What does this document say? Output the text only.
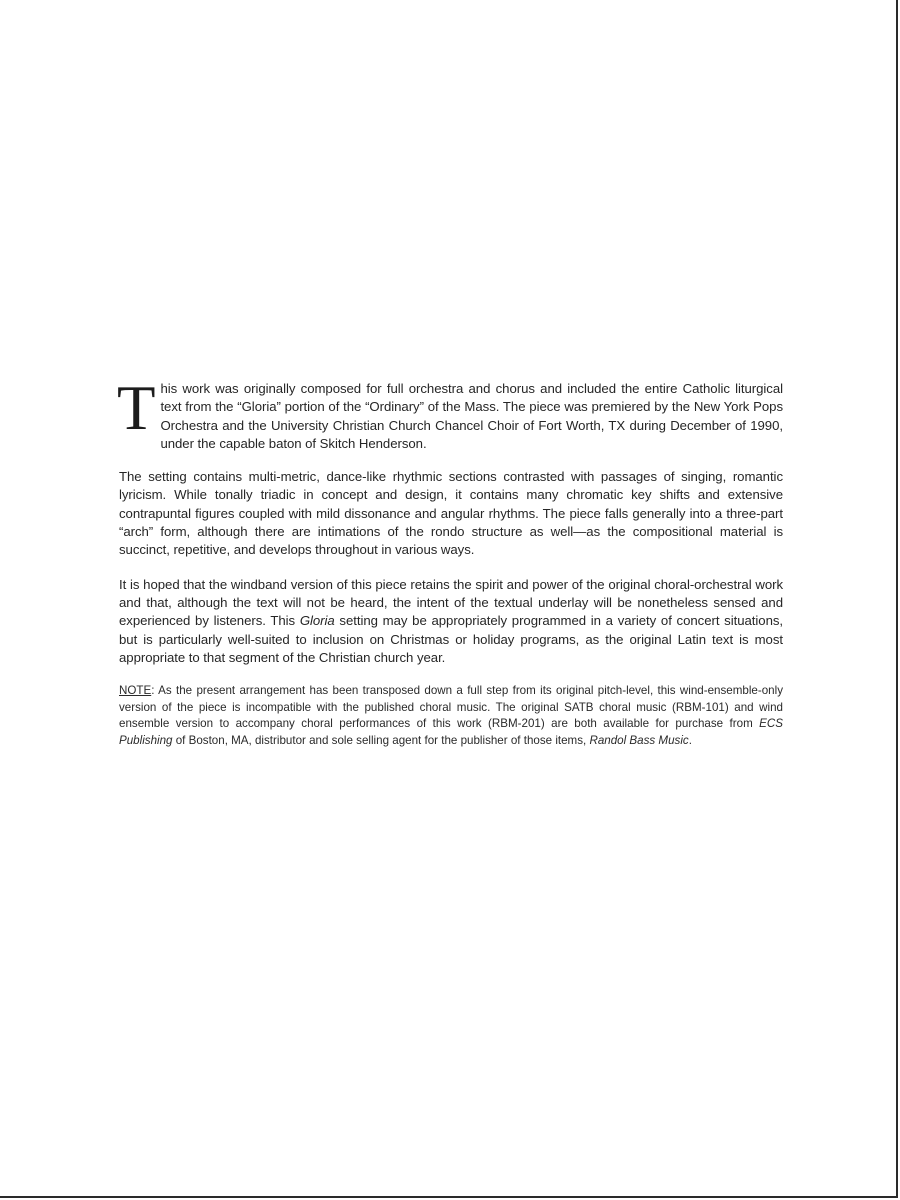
This work was originally composed for full orchestra and chorus and included the entire Catholic liturgical text from the “Gloria” portion of the “Ordinary” of the Mass. The piece was premiered by the New York Pops Orchestra and the University Christian Church Chancel Choir of Fort Worth, TX during December of 1990, under the capable baton of Skitch Henderson.

The setting contains multi-metric, dance-like rhythmic sections contrasted with passages of singing, romantic lyricism. While tonally triadic in concept and design, it contains many chromatic key shifts and extensive contrapuntal figures coupled with mild dissonance and angular rhythms. The piece falls generally into a three-part “arch” form, although there are intimations of the rondo structure as well—as the compositional material is succinct, repetitive, and develops throughout in various ways.

It is hoped that the windband version of this piece retains the spirit and power of the original choral-orchestral work and that, although the text will not be heard, the intent of the textual underlay will be nonetheless sensed and experienced by listeners. This Gloria setting may be appropriately programmed in a variety of concert situations, but is particularly well-suited to inclusion on Christmas or holiday programs, as the original Latin text is most appropriate to that segment of the Christian church year.

NOTE: As the present arrangement has been transposed down a full step from its original pitch-level, this wind-ensemble-only version of the piece is incompatible with the published choral music. The original SATB choral music (RBM-101) and wind ensemble version to accompany choral performances of this work (RBM-201) are both available for purchase from ECS Publishing of Boston, MA, distributor and sole selling agent for the publisher of those items, Randol Bass Music.
